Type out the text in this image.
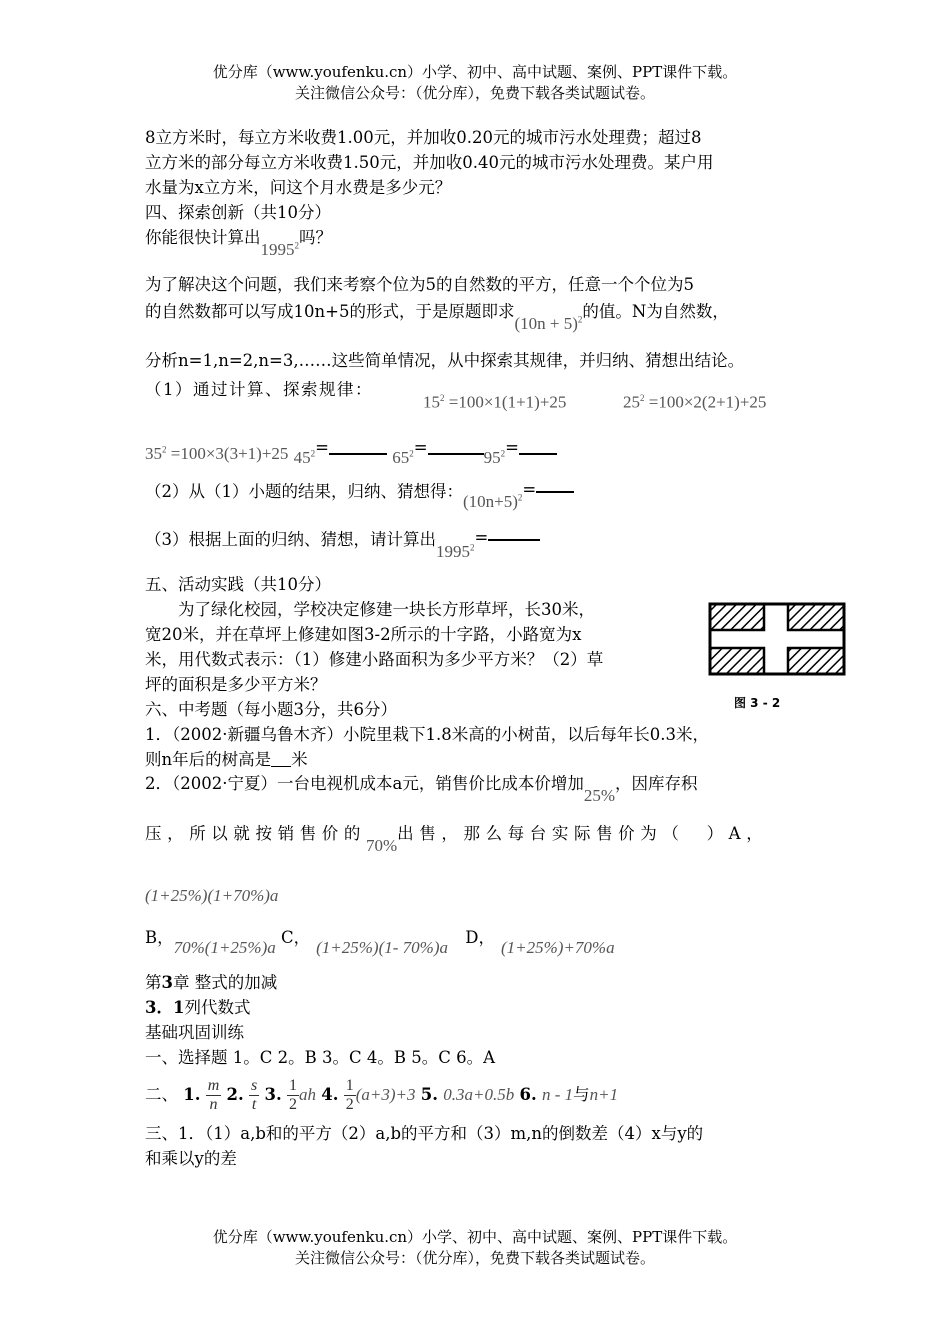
优分库（www.youfenku.cn）小学、初中、高中试题、案例、PPT课件下载。
关注微信公众号：（优分库），免费下载各类试题试卷。
8立方米时，每立方米收费1.00元，并加收0.20元的城市污水处理费；超过8
立方米的部分每立方米收费1.50元，并加收0.40元的城市污水处理费。某户用
水量为x立方米，问这个月水费是多少元？
四、探索创新（共10分）
你能很快计算出1995$^2$吗？
为了解决这个问题，我们来考察个位为5的自然数的平方，任意一个个位为5
的自然数都可以写成10n+5的形式，于是原题即求$(10n + 5)^2$的值。N为自然数，
分析n=1,n=2,n=3,……这些简单情况，从中探索其规律，并归纳、猜想出结论。
（1）通过计算、探索规律：
$15^2 =100\times 1(1+1)+25$	$25^2 =100\times 2(2+1)+25$
$35^2 =100\times 3(3+1)+25$ $45^2= 65^2=95^2=$
（2）从（1）小题的结果，归纳、猜想得：$(10n+5)^2=$
（3）根据上面的归纳、猜想，请计算出$1995^2=$
五、活动实践（共10分）
为了绿化校园，学校决定修建一块长方形草坪，长30米，
宽20米，并在草坪上修建如图3-2所示的十字路，小路宽为x
米，用代数式表示：（1）修建小路面积为多少平方米？（2）草
坪的面积是多少平方米？
图 3 - 2
六、中考题（每小题3分，共6分）
1．（2002·新疆乌鲁木齐）小院里栽下1.8米高的小树苗，以后每年长0.3米，
则n年后的树高是 米
2．（2002·宁夏）一台电视机成本a元，销售价比成本价增加25%，因库存积
压，所以就按销售价的70%出售，那么每台实际售价为（　）A，
(1+25%)(1+70%)a
B，70%(1+25%)a C，(1+25%)(1- 70%)a D，(1+25%)+70%a
第3章 整式的加减
3．1列代数式
基础巩固训练
一、选择题 1。C 2。B 3。C 4。B 5。C 6。A
二、 1. $\frac{m}{n} 2$. $\frac{s}{t} 3$. $\frac{1}{2}$ ah 4. $\frac{1}{2} (a+3)+3$ 5. 0.3a+0.5b 6. n - 1与n+1
三、1．（1）a,b和的平方（2）a,b的平方和（3）m,n的倒数差（4）x与y的
和乘以y的差
优分库（www.youfenku.cn）小学、初中、高中试题、案例、PPT课件下载。
关注微信公众号：（优分库），免费下载各类试题试卷。
